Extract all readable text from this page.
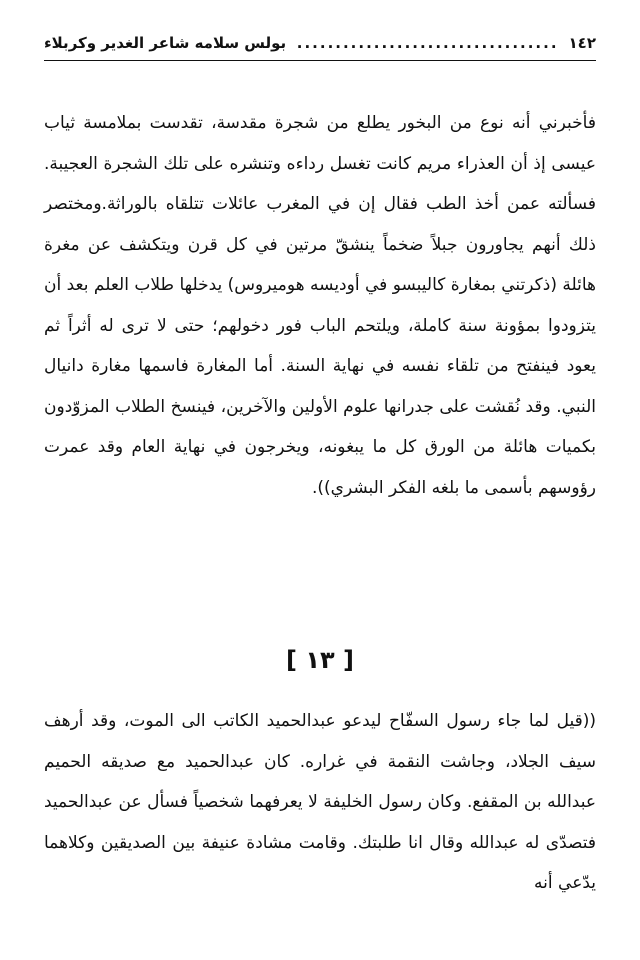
١٤٢
.....
بولس سلامه شاعر الغدير وكربلاء

فأخبرني أنه نوع من البخور يطلع من شجرة مقدسة، تقدست بملامسة ثياب عيسى إذ أن العذراء مريم كانت تغسل رداءه وتنشره على تلك الشجرة العجيبة. فسألته عمن أخذ الطب فقال إن في المغرب عائلات تتلقاه بالوراثة.ومختصر ذلك أنهم يجاورون جبلاً ضخماً ينشقّ مرتين في كل قرن ويتكشف عن مغرة هائلة (ذكرتني بمغارة كاليبسو في أوديسه هوميروس) يدخلها طلاب العلم بعد أن يتزودوا بمؤونة سنة كاملة، ويلتحم الباب فور دخولهم؛ حتى لا ترى له أثراً ثم يعود فينفتح من تلقاء نفسه في نهاية السنة. أما المغارة فاسمها مغارة دانيال النبي. وقد نُقشت على جدرانها علوم الأولين والآخرين، فينسخ الطلاب المزوّدون بكميات هائلة من الورق كل ما يبغونه، ويخرجون في نهاية العام وقد عمرت رؤوسهم بأسمى ما بلغه الفكر البشري)).

[ ١٣ ]

((قيل لما جاء رسول السفّاح ليدعو عبدالحميد الكاتب الى الموت، وقد أرهف سيف الجلاد، وجاشت النقمة في غراره. كان عبدالحميد مع صديقه الحميم عبدالله بن المقفع. وكان رسول الخليفة لا يعرفهما شخصياً فسأل عن عبدالحميد فتصدّى له عبدالله وقال انا طلبتك. وقامت مشادة عنيفة بين الصديقين وكلاهما يدّعي أنه
